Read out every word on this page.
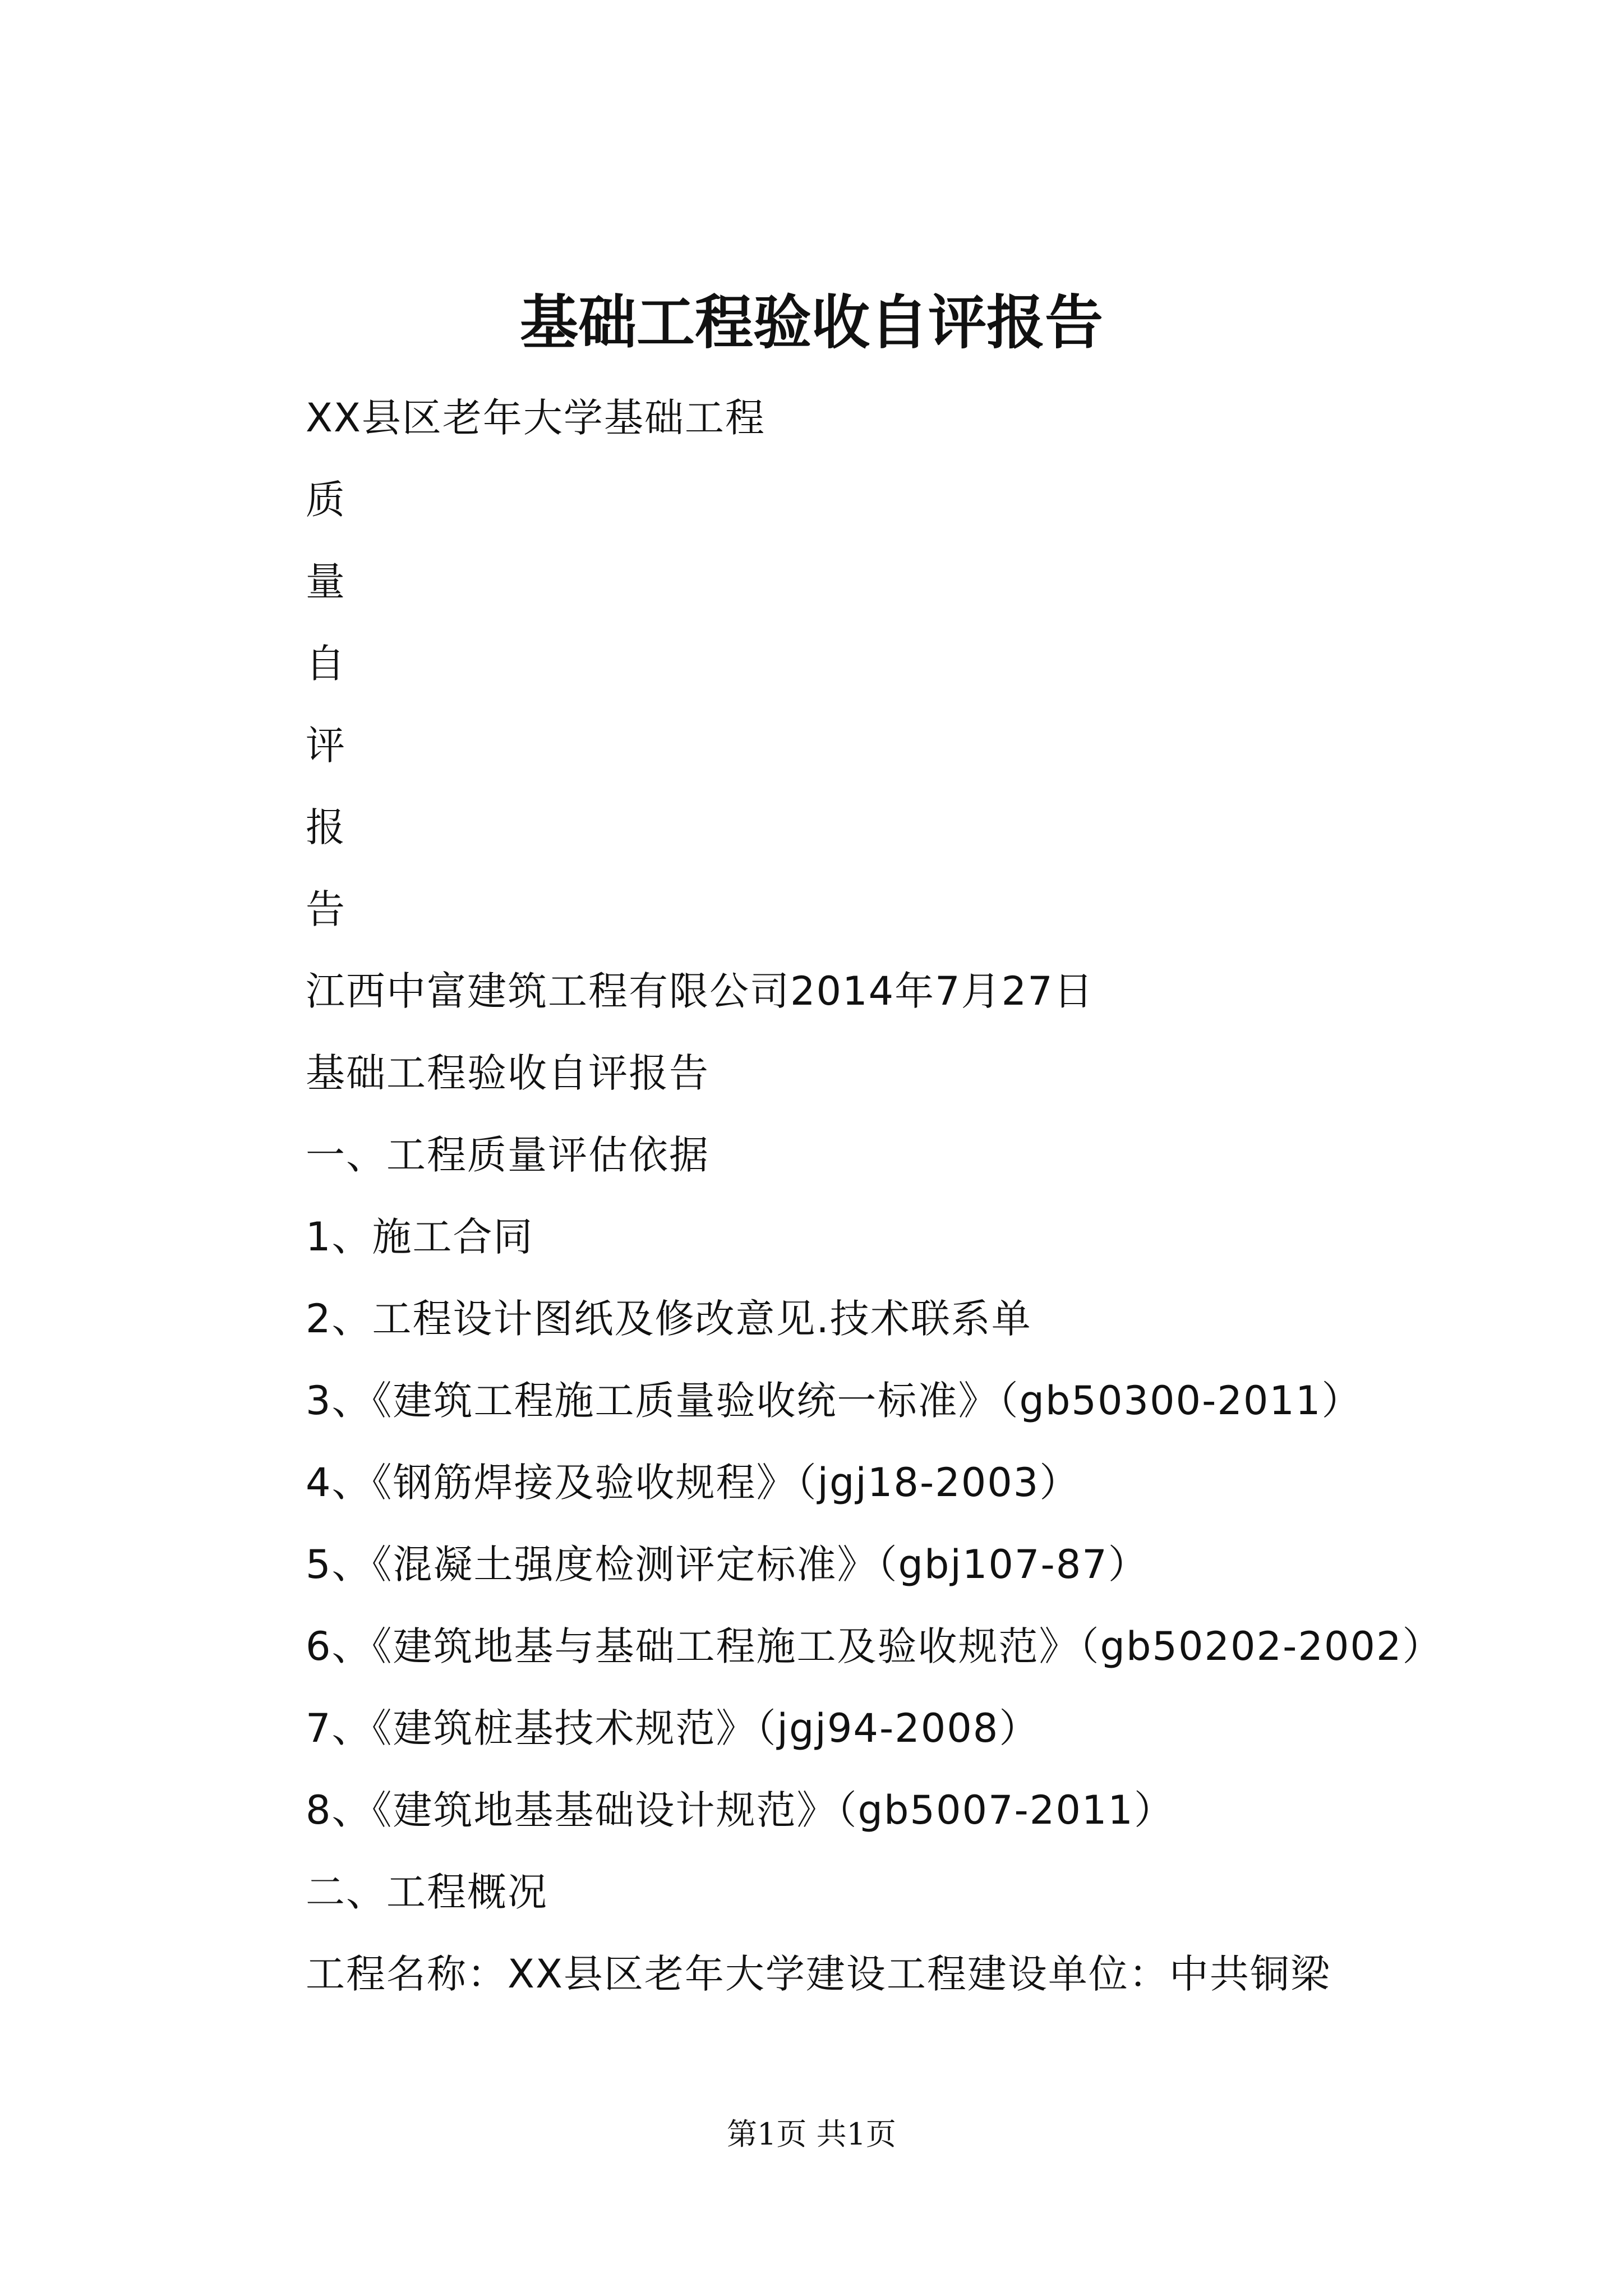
基础工程验收自评报告
XX县区老年大学基础工程
质
量
自
评
报
告
江西中富建筑工程有限公司2014年7月27日
基础工程验收自评报告
一、工程质量评估依据
1、施工合同
2、工程设计图纸及修改意见.技术联系单
3、《建筑工程施工质量验收统一标准》（gb50300-2011）
4、《钢筋焊接及验收规程》（jgj18-2003）
5、《混凝土强度检测评定标准》（gbj107-87）
6、《建筑地基与基础工程施工及验收规范》（gb50202-2002）
7、《建筑桩基技术规范》（jgj94-2008）
8、《建筑地基基础设计规范》（gb5007-2011）
二、工程概况
工程名称：XX县区老年大学建设工程建设单位：中共铜梁
第1页 共1页
